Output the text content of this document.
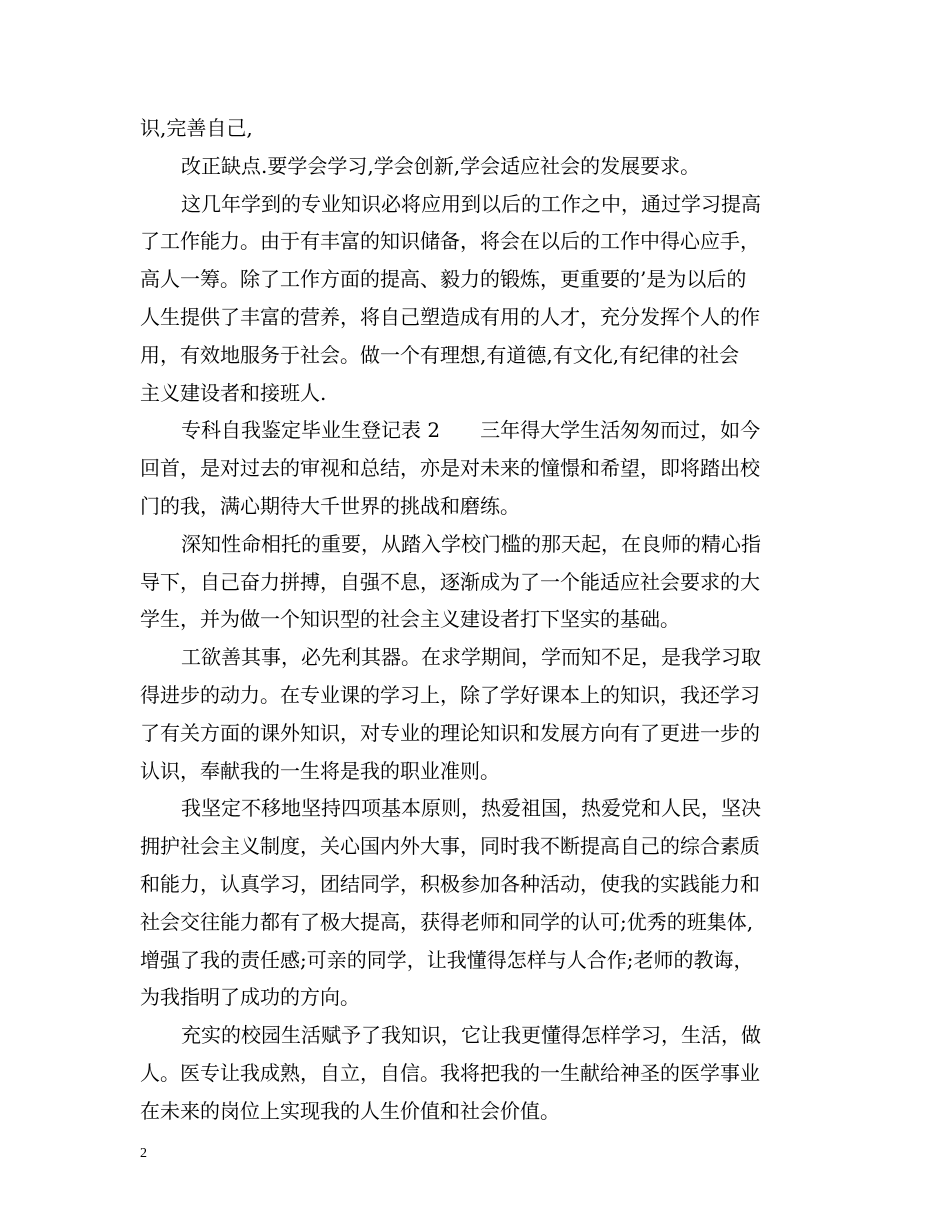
识,完善自己,
改正缺点.要学会学习,学会创新,学会适应社会的发展要求。
这几年学到的专业知识必将应用到以后的工作之中，通过学习提高
了工作能力。由于有丰富的知识储备，将会在以后的工作中得心应手，
高人一筹。除了工作方面的提高、毅力的锻炼，更重要的’是为以后的
人生提供了丰富的营养，将自己塑造成有用的人才，充分发挥个人的作
用，有效地服务于社会。做一个有理想,有道德,有文化,有纪律的社会
主义建设者和接班人.
专科自我鉴定毕业生登记表 2　　三年得大学生活匆匆而过，如今
回首，是对过去的审视和总结，亦是对未来的憧憬和希望，即将踏出校
门的我，满心期待大千世界的挑战和磨练。
深知性命相托的重要，从踏入学校门槛的那天起，在良师的精心指
导下，自己奋力拼搏，自强不息，逐渐成为了一个能适应社会要求的大
学生，并为做一个知识型的社会主义建设者打下坚实的基础。
工欲善其事，必先利其器。在求学期间，学而知不足，是我学习取
得进步的动力。在专业课的学习上，除了学好课本上的知识，我还学习
了有关方面的课外知识，对专业的理论知识和发展方向有了更进一步的
认识，奉献我的一生将是我的职业准则。
我坚定不移地坚持四项基本原则，热爱祖国，热爱党和人民，坚决
拥护社会主义制度，关心国内外大事，同时我不断提高自己的综合素质
和能力，认真学习，团结同学，积极参加各种活动，使我的实践能力和
社会交往能力都有了极大提高，获得老师和同学的认可;优秀的班集体,
增强了我的责任感;可亲的同学，让我懂得怎样与人合作;老师的教诲，
为我指明了成功的方向。
充实的校园生活赋予了我知识，它让我更懂得怎样学习，生活，做
人。医专让我成熟，自立，自信。我将把我的一生献给神圣的医学事业
在未来的岗位上实现我的人生价值和社会价值。
2
